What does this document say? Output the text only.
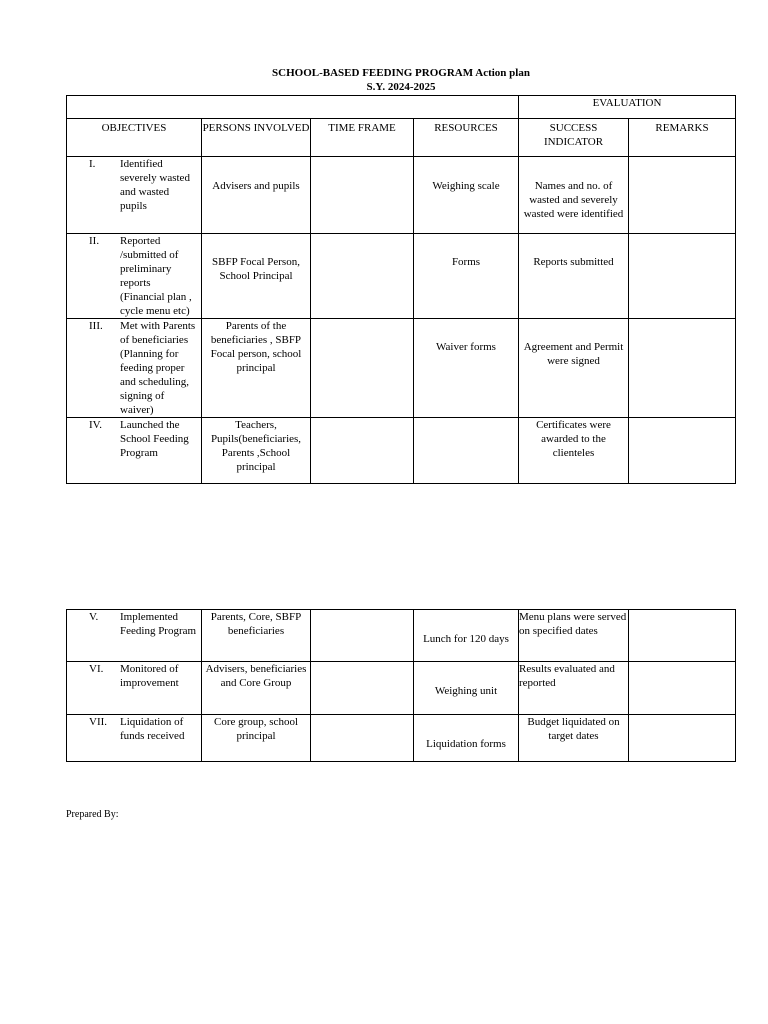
SCHOOL-BASED FEEDING PROGRAM Action plan
S.Y. 2024-2025
				EVALUATION	
OBJECTIVES	PERSONS INVOLVED	TIME FRAME	RESOURCES	SUCCESS INDICATOR	REMARKS

I. Identified severely wasted and wasted pupils	Advisers and pupils		Weighing scale	Names and no. of wasted and severely wasted were identified	

II. Reported /submitted of preliminary reports (Financial plan , cycle menu etc)	SBFP Focal Person, School Principal		Forms	Reports submitted	

III. Met with Parents of beneficiaries (Planning for feeding proper and scheduling, signing of waiver)	Parents of the beneficiaries , SBFP Focal person, school principal		Waiver forms	Agreement and Permit were signed	

IV. Launched the School Feeding Program	Teachers, Pupils(beneficiaries, Parents ,School principal			Certificates were awarded to the clienteles	
V. Implemented Feeding Program	Parents, Core, SBFP beneficiaries		Lunch for 120 days	Menu plans were served on specified dates	

VI. Monitored of improvement	Advisers, beneficiaries and Core Group		Weighing unit	Results evaluated and reported	

VII. Liquidation of funds received	Core group, school principal		Liquidation forms	Budget liquidated on target dates	
Prepared By:
